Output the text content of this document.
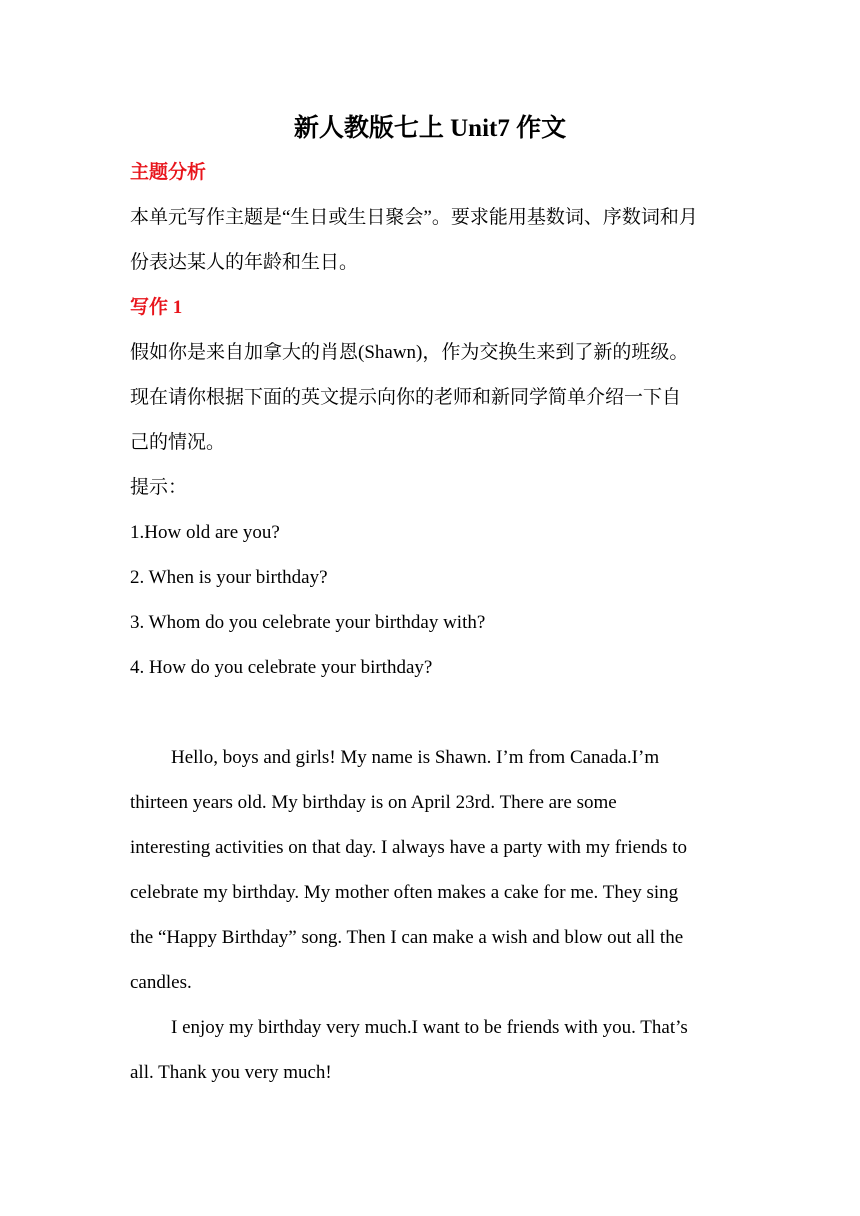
新人教版七上 Unit7 作文
主题分析
本单元写作主题是“生日或生日聚会”。要求能用基数词、序数词和月
份表达某人的年龄和生日。
写作 1
假如你是来自加拿大的肖恩(Shawn)，作为交换生来到了新的班级。
现在请你根据下面的英文提示向你的老师和新同学简单介绍一下自
己的情况。
提示：
1.How old are you?
2. When is your birthday?
3. Whom do you celebrate your birthday with?
4. How do you celebrate your birthday?
Hello, boys and girls! My name is Shawn. I’m from Canada.I’m
thirteen years old. My birthday is on April 23rd. There are some
interesting activities on that day. I always have a party with my friends to
celebrate my birthday. My mother often makes a cake for me. They sing
the “Happy Birthday” song. Then I can make a wish and blow out all the
candles.
I enjoy my birthday very much.I want to be friends with you. That’s
all. Thank you very much!
